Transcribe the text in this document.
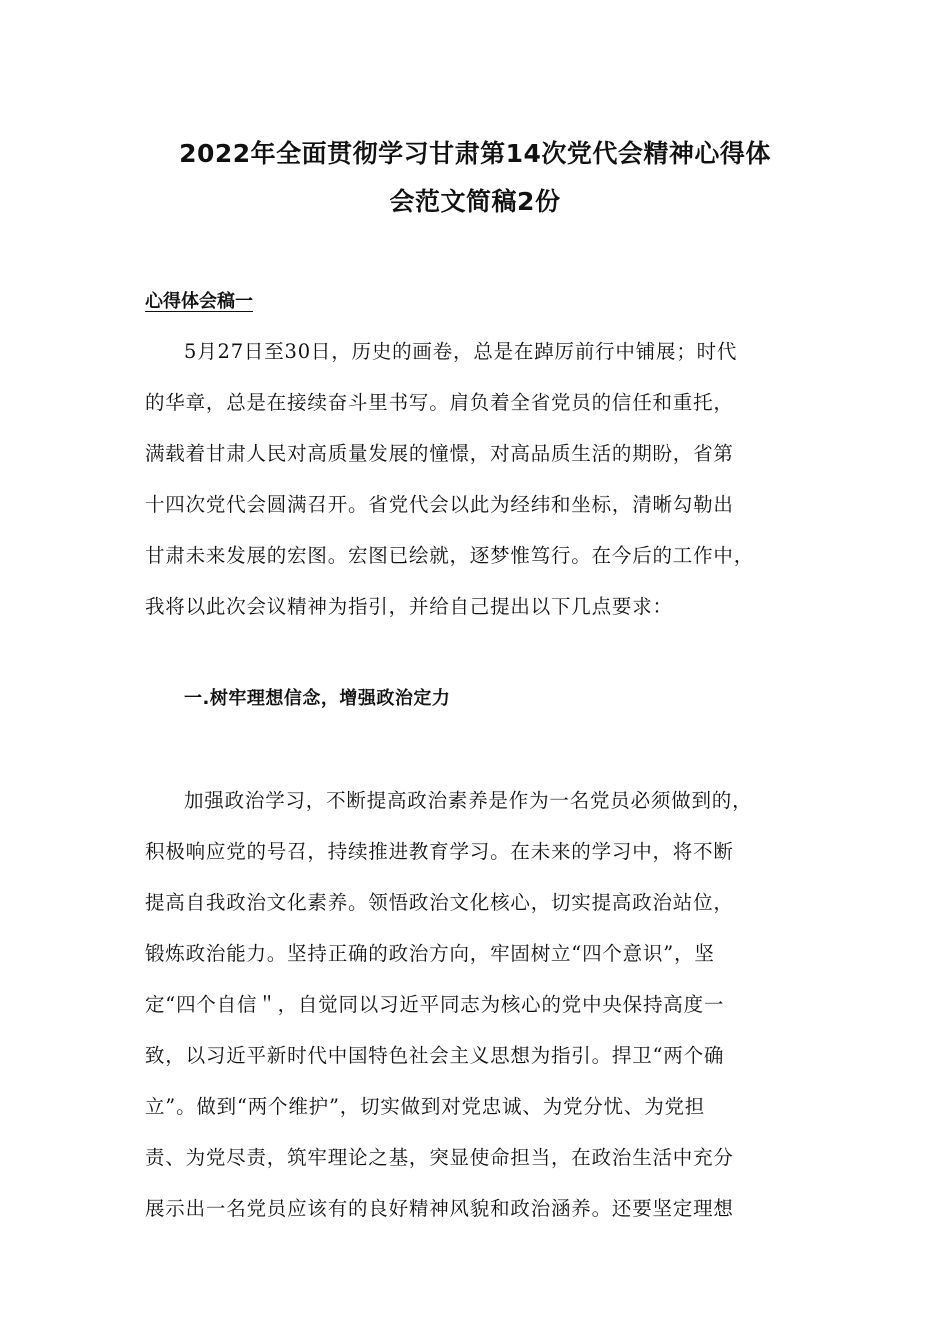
2022年全面贯彻学习甘肃第14次党代会精神心得体
会范文简稿2份
心得体会稿一
5月27日至30日，历史的画卷，总是在踔厉前行中铺展；时代
的华章，总是在接续奋斗里书写。肩负着全省党员的信任和重托，
满载着甘肃人民对高质量发展的憧憬，对高品质生活的期盼，省第
十四次党代会圆满召开。省党代会以此为经纬和坐标，清晰勾勒出
甘肃未来发展的宏图。宏图已绘就，逐梦惟笃行。在今后的工作中，
我将以此次会议精神为指引，并给自己提出以下几点要求：
一.树牢理想信念，增强政治定力
加强政治学习，不断提高政治素养是作为一名党员必须做到的，
积极响应党的号召，持续推进教育学习。在未来的学习中，将不断
提高自我政治文化素养。领悟政治文化核心，切实提高政治站位，
锻炼政治能力。坚持正确的政治方向，牢固树立“四个意识”，坚
定“四个自信＂，自觉同以习近平同志为核心的党中央保持高度一
致，以习近平新时代中国特色社会主义思想为指引。捍卫“两个确
立”。做到“两个维护”，切实做到对党忠诚、为党分忧、为党担
责、为党尽责，筑牢理论之基，突显使命担当，在政治生活中充分
展示出一名党员应该有的良好精神风貌和政治涵养。还要坚定理想
